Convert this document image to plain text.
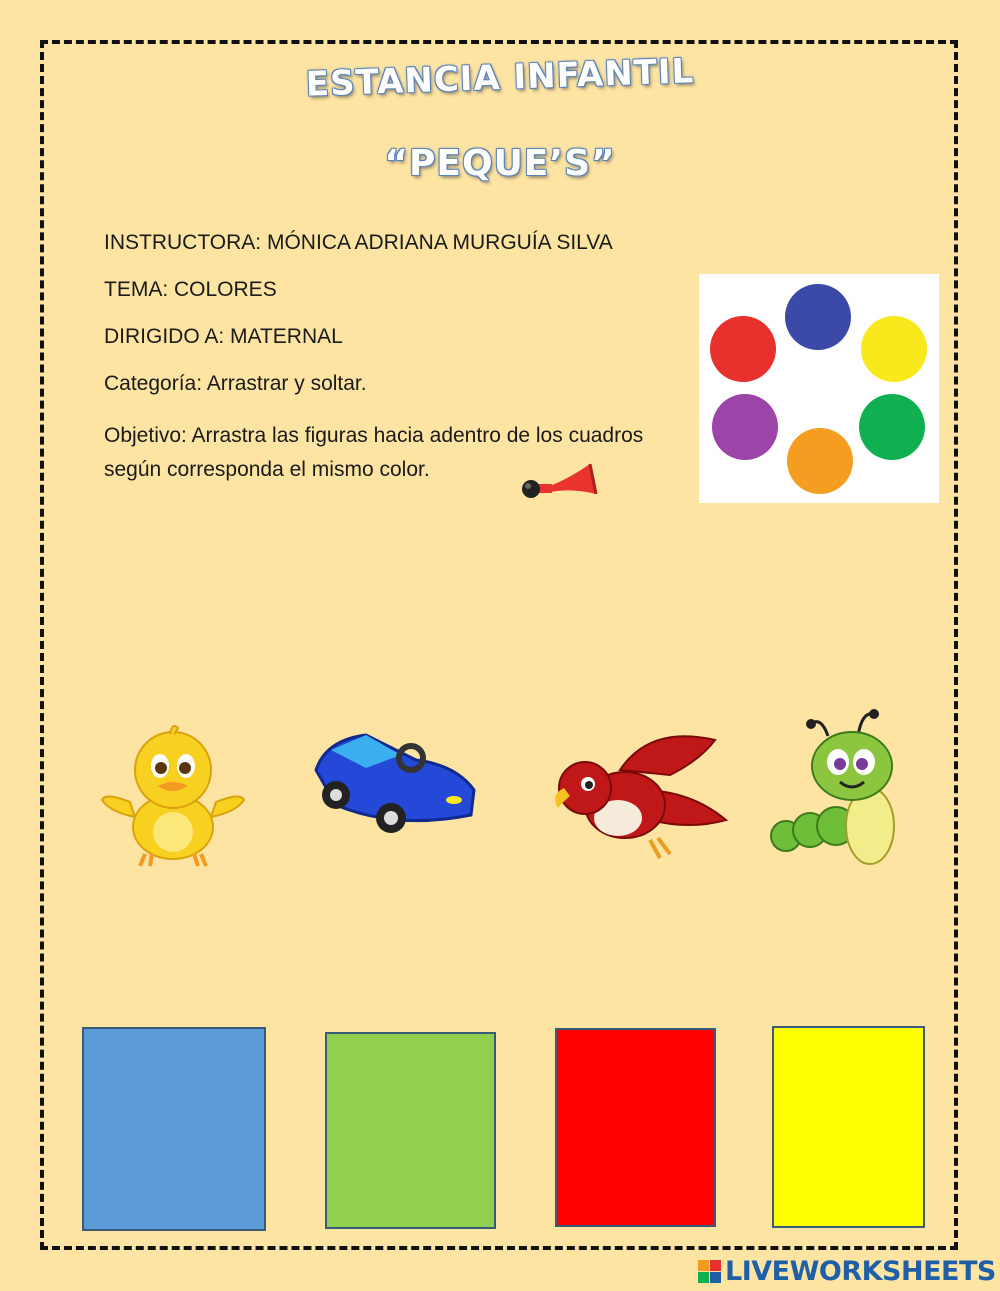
ESTANCIA INFANTIL
“PEQUE’S”
INSTRUCTORA: MÓNICA ADRIANA MURGUÍA SILVA
TEMA: COLORES
DIRIGIDO A: MATERNAL
Categoría: Arrastrar y soltar.
Objetivo: Arrastra las figuras hacia adentro de los cuadros según corresponda el mismo color.
LIVEWORKSHEETS
